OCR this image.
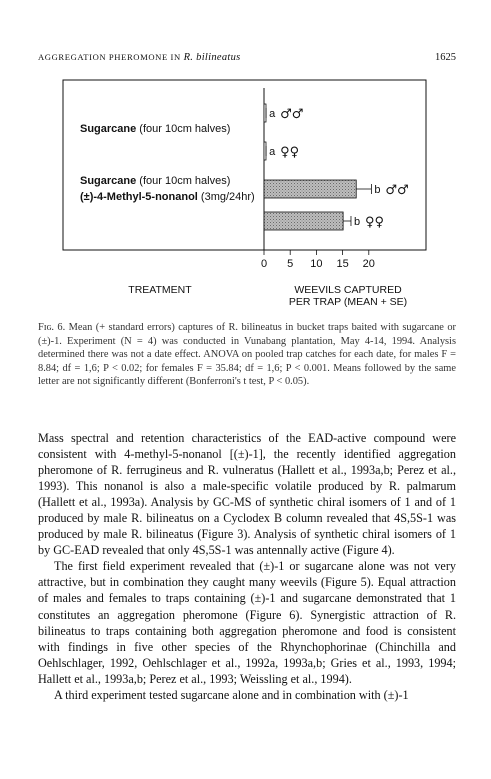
AGGREGATION PHEROMONE IN R. bilineatus	1625
Sugarcane (four 10cm halves)
a ♂♂
a ♀♀
Sugarcane (four 10cm halves)
(±)-4-Methyl-5-nonanol (3mg/24hr)
b ♂♂
b ♀♀
0 5 10 15 20
TREATMENT	WEEVILS CAPTURED
PER TRAP (MEAN + SE)
Fɪɢ. 6. Mean (+ standard errors) captures of R. bilineatus in bucket traps baited with sugarcane or (±)-1. Experiment (N = 4) was conducted in Vunabang plantation, May 4-14, 1994. Analysis determined there was not a date effect. ANOVA on pooled trap catches for each date, for males F = 8.84; df = 1,6; P < 0.02; for females F = 35.84; df = 1,6; P < 0.001. Means followed by the same letter are not significantly different (Bonferroni's t test, P < 0.05).

Mass spectral and retention characteristics of the EAD-active compound were consistent with 4-methyl-5-nonanol [(±)-1], the recently identified aggregation pheromone of R. ferrugineus and R. vulneratus (Hallett et al., 1993a,b; Perez et al., 1993). This nonanol is also a male-specific volatile produced by R. palmarum (Hallett et al., 1993a). Analysis by GC-MS of synthetic chiral isomers of 1 and of 1 produced by male R. bilineatus on a Cyclodex B column revealed that 4S,5S-1 was produced by male R. bilineatus (Figure 3). Analysis of synthetic chiral isomers of 1 by GC-EAD revealed that only 4S,5S-1 was antennally active (Figure 4).

The first field experiment revealed that (±)-1 or sugarcane alone was not very attractive, but in combination they caught many weevils (Figure 5). Equal attraction of males and females to traps containing (±)-1 and sugarcane demonstrated that 1 constitutes an aggregation pheromone (Figure 6). Synergistic attraction of R. bilineatus to traps containing both aggregation pheromone and food is consistent with findings in five other species of the Rhynchophorinae (Chinchilla and Oehlschlager, 1992, Oehlschlager et al., 1992a, 1993a,b; Gries et al., 1993, 1994; Hallett et al., 1993a,b; Perez et al., 1993; Weissling et al., 1994).

A third experiment tested sugarcane alone and in combination with (±)-1
